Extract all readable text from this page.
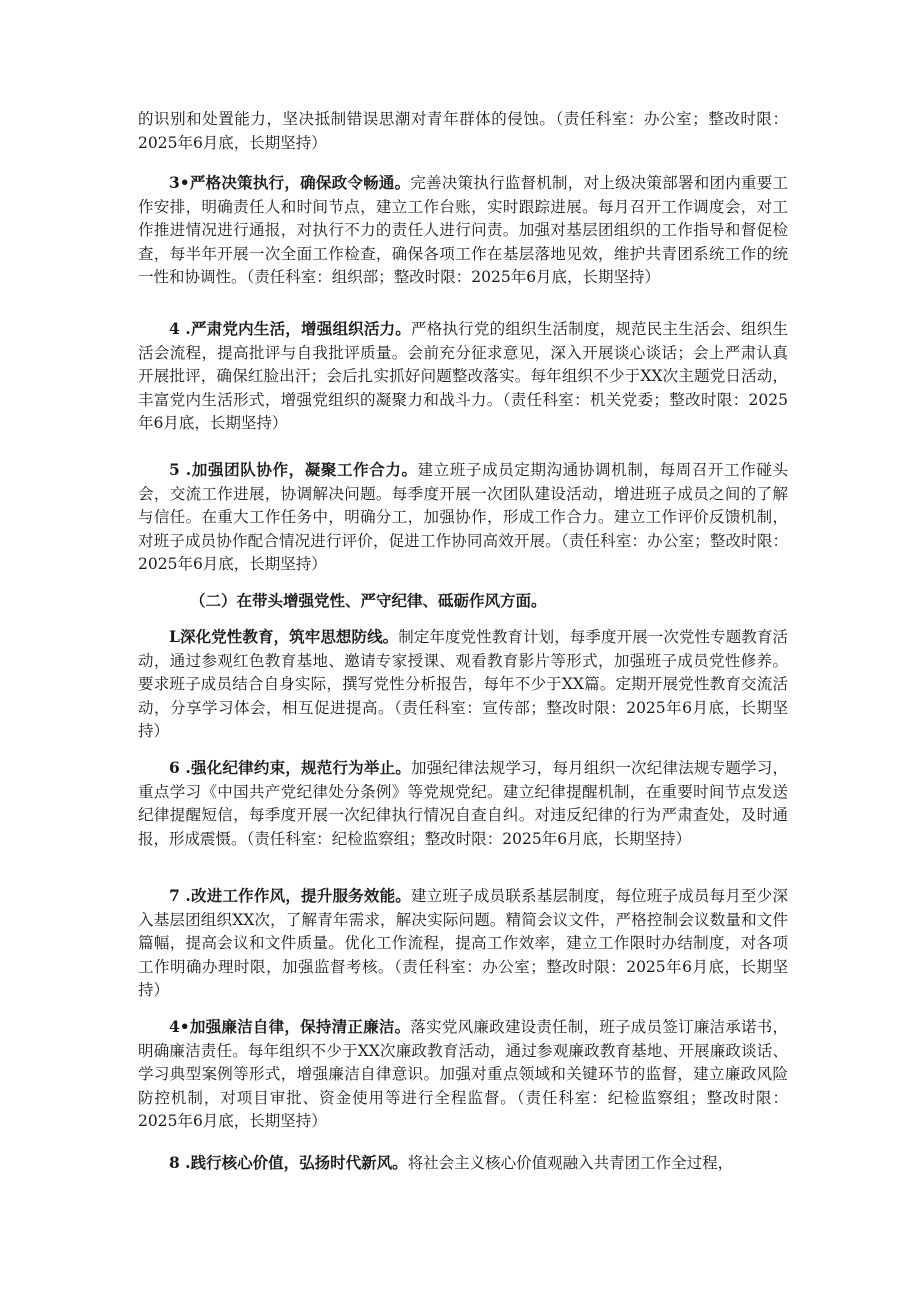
的识别和处置能力，坚决抵制错误思潮对青年群体的侵蚀。（责任科室：办公室；整改时限：2025年6月底，长期坚持）

3•严格决策执行，确保政令畅通。完善决策执行监督机制，对上级决策部署和团内重要工作安排，明确责任人和时间节点，建立工作台账，实时跟踪进展。每月召开工作调度会，对工作推进情况进行通报，对执行不力的责任人进行问责。加强对基层团组织的工作指导和督促检查，每半年开展一次全面工作检查，确保各项工作在基层落地见效，维护共青团系统工作的统一性和协调性。（责任科室：组织部；整改时限：2025年6月底，长期坚持）

4 .严肃党内生活，增强组织活力。严格执行党的组织生活制度，规范民主生活会、组织生活会流程，提高批评与自我批评质量。会前充分征求意见，深入开展谈心谈话；会上严肃认真开展批评，确保红脸出汗；会后扎实抓好问题整改落实。每年组织不少于XX次主题党日活动，丰富党内生活形式，增强党组织的凝聚力和战斗力。（责任科室：机关党委；整改时限：2025年6月底，长期坚持）

5 .加强团队协作，凝聚工作合力。建立班子成员定期沟通协调机制，每周召开工作碰头会，交流工作进展，协调解决问题。每季度开展一次团队建设活动，增进班子成员之间的了解与信任。在重大工作任务中，明确分工，加强协作，形成工作合力。建立工作评价反馈机制，对班子成员协作配合情况进行评价，促进工作协同高效开展。（责任科室：办公室；整改时限：2025年6月底，长期坚持）

（二）在带头增强党性、严守纪律、砥砺作风方面。

L深化党性教育，筑牢思想防线。制定年度党性教育计划，每季度开展一次党性专题教育活动，通过参观红色教育基地、邀请专家授课、观看教育影片等形式，加强班子成员党性修养。要求班子成员结合自身实际，撰写党性分析报告，每年不少于XX篇。定期开展党性教育交流活动，分享学习体会，相互促进提高。（责任科室：宣传部；整改时限：2025年6月底，长期坚持）

6 .强化纪律约束，规范行为举止。加强纪律法规学习，每月组织一次纪律法规专题学习，重点学习《中国共产党纪律处分条例》等党规党纪。建立纪律提醒机制，在重要时间节点发送纪律提醒短信，每季度开展一次纪律执行情况自查自纠。对违反纪律的行为严肃查处，及时通报，形成震慑。（责任科室：纪检监察组；整改时限：2025年6月底，长期坚持）

7 .改进工作作风，提升服务效能。建立班子成员联系基层制度，每位班子成员每月至少深入基层团组织XX次，了解青年需求，解决实际问题。精简会议文件，严格控制会议数量和文件篇幅，提高会议和文件质量。优化工作流程，提高工作效率，建立工作限时办结制度，对各项工作明确办理时限，加强监督考核。（责任科室：办公室；整改时限：2025年6月底，长期坚持）

4•加强廉洁自律，保持清正廉洁。落实党风廉政建设责任制，班子成员签订廉洁承诺书，明确廉洁责任。每年组织不少于XX次廉政教育活动，通过参观廉政教育基地、开展廉政谈话、学习典型案例等形式，增强廉洁自律意识。加强对重点领域和关键环节的监督，建立廉政风险防控机制，对项目审批、资金使用等进行全程监督。（责任科室：纪检监察组；整改时限：2025年6月底，长期坚持）

8 .践行核心价值，弘扬时代新风。将社会主义核心价值观融入共青团工作全过程，
